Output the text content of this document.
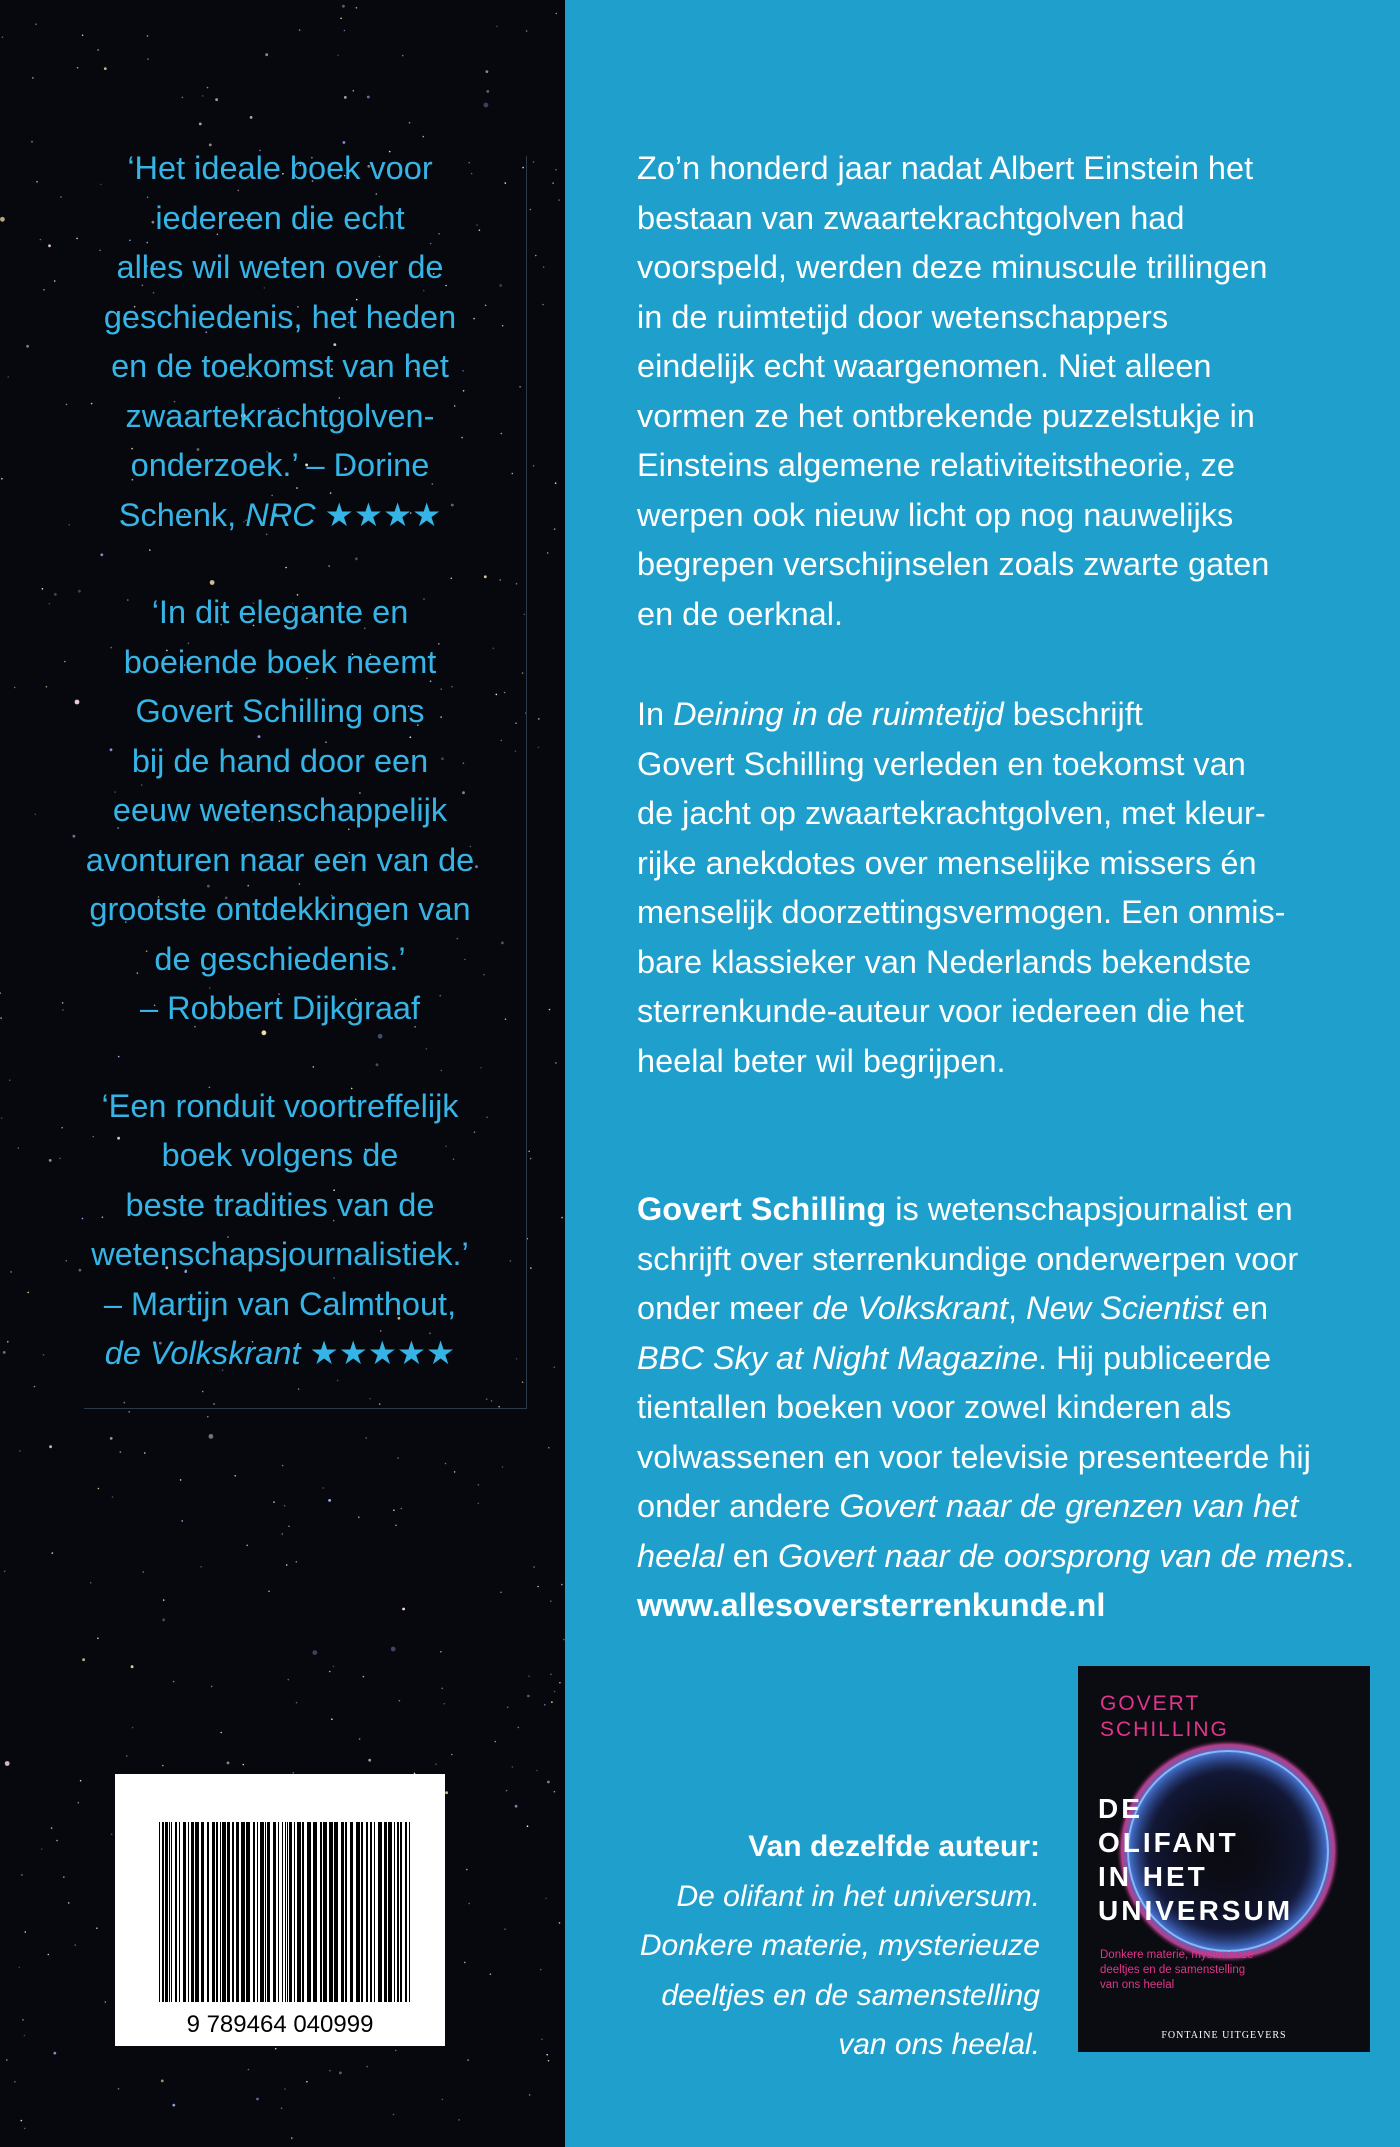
‘Het ideale boek voor
iedereen die echt
alles wil weten over de
geschiedenis, het heden
en de toekomst van het
zwaartekrachtgolven-
onderzoek.’ – Dorine
Schenk, NRC ★★★★
‘In dit elegante en
boeiende boek neemt
Govert Schilling ons
bij de hand door een
eeuw wetenschappelijk
avonturen naar een van de
grootste ontdekkingen van
de geschiedenis.’
– Robbert Dijkgraaf
‘Een ronduit voortreffelijk
boek volgens de
beste tradities van de
wetenschapsjournalistiek.’
– Martijn van Calmthout,
de Volkskrant ★★★★★
9 789464 040999
Zo’n honderd jaar nadat Albert Einstein het
bestaan van zwaartekrachtgolven had
voorspeld, werden deze minuscule trillingen
in de ruimtetijd door wetenschappers
eindelijk echt waargenomen. Niet alleen
vormen ze het ontbrekende puzzelstukje in
Einsteins algemene relativiteitstheorie, ze
werpen ook nieuw licht op nog nauwelijks
begrepen verschijnselen zoals zwarte gaten
en de oerknal.
In Deining in de ruimtetijd beschrijft
Govert Schilling verleden en toekomst van
de jacht op zwaartekrachtgolven, met kleur-
rijke anekdotes over menselijke missers én
menselijk doorzettingsvermogen. Een onmis-
bare klassieker van Nederlands bekendste
sterrenkunde-auteur voor iedereen die het
heelal beter wil begrijpen.
Govert Schilling is wetenschapsjournalist en
schrijft over sterrenkundige onderwerpen voor
onder meer de Volkskrant, New Scientist en
BBC Sky at Night Magazine. Hij publiceerde
tientallen boeken voor zowel kinderen als
volwassenen en voor televisie presenteerde hij
onder andere Govert naar de grenzen van het
heelal en Govert naar de oorsprong van de mens.
www.allesoversterrenkunde.nl
Van dezelfde auteur:
De olifant in het universum.
Donkere materie, mysterieuze
deeltjes en de samenstelling
van ons heelal.
GOVERT
SCHILLING
DE
OLIFANT
IN HET
UNIVERSUM
Donkere materie, mysterieuze
deeltjes en de samenstelling
van ons heelal
FONTAINE UITGEVERS
